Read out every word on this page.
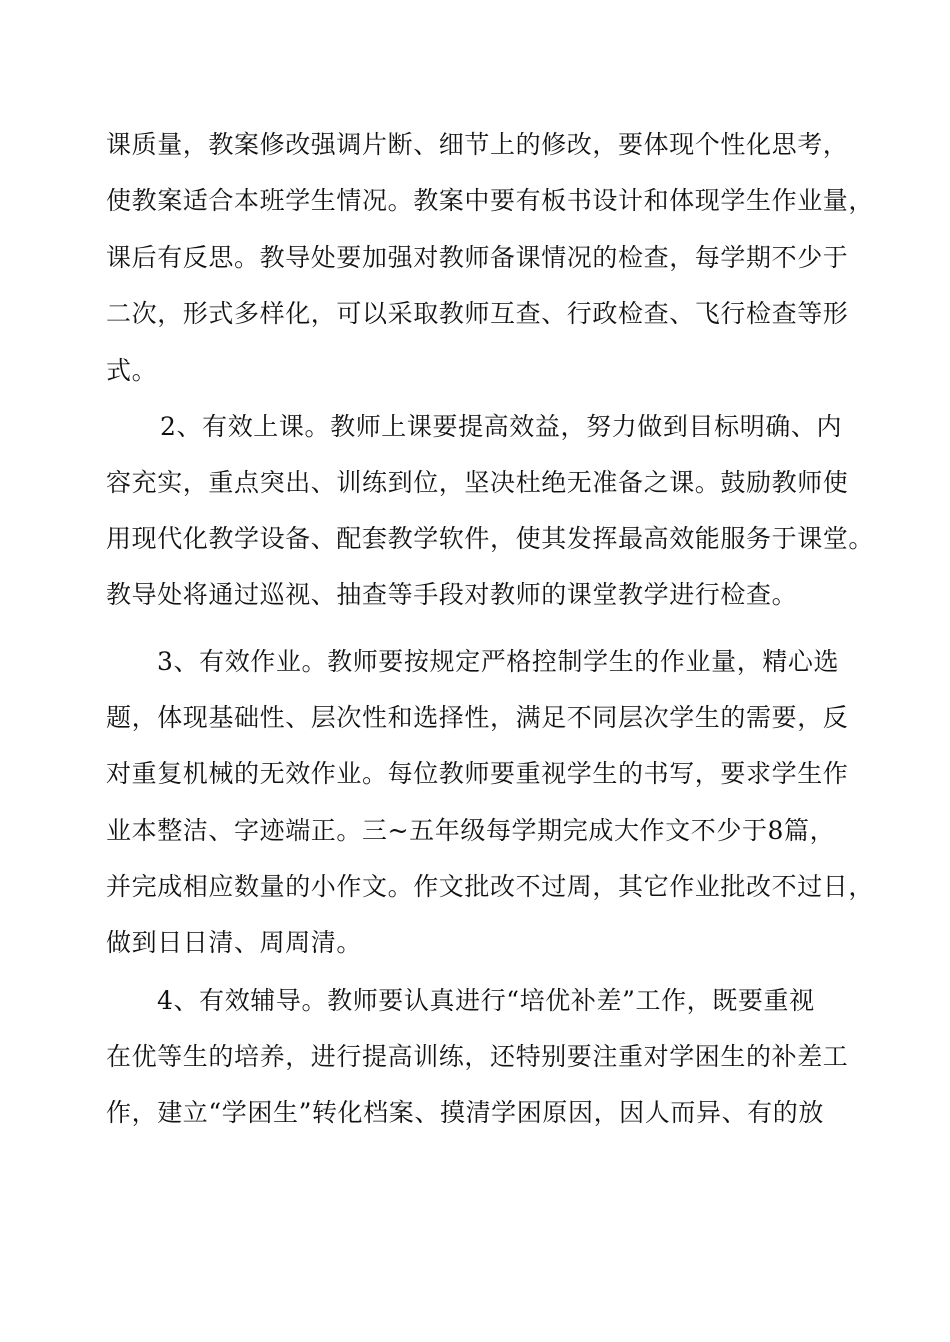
课质量，教案修改强调片断、细节上的修改，要体现个性化思考，
使教案适合本班学生情况。教案中要有板书设计和体现学生作业量，
课后有反思。教导处要加强对教师备课情况的检查，每学期不少于
二次，形式多样化，可以采取教师互查、行政检查、飞行检查等形
式。
2、有效上课。教师上课要提高效益，努力做到目标明确、内
容充实，重点突出、训练到位，坚决杜绝无准备之课。鼓励教师使
用现代化教学设备、配套教学软件，使其发挥最高效能服务于课堂。
教导处将通过巡视、抽查等手段对教师的课堂教学进行检查。
3、有效作业。教师要按规定严格控制学生的作业量，精心选
题，体现基础性、层次性和选择性，满足不同层次学生的需要，反
对重复机械的无效作业。每位教师要重视学生的书写，要求学生作
业本整洁、字迹端正。三~五年级每学期完成大作文不少于8篇，
并完成相应数量的小作文。作文批改不过周，其它作业批改不过日，
做到日日清、周周清。
4、有效辅导。教师要认真进行“培优补差”工作，既要重视
在优等生的培养，进行提高训练，还特别要注重对学困生的补差工
作，建立“学困生”转化档案、摸清学困原因，因人而异、有的放
